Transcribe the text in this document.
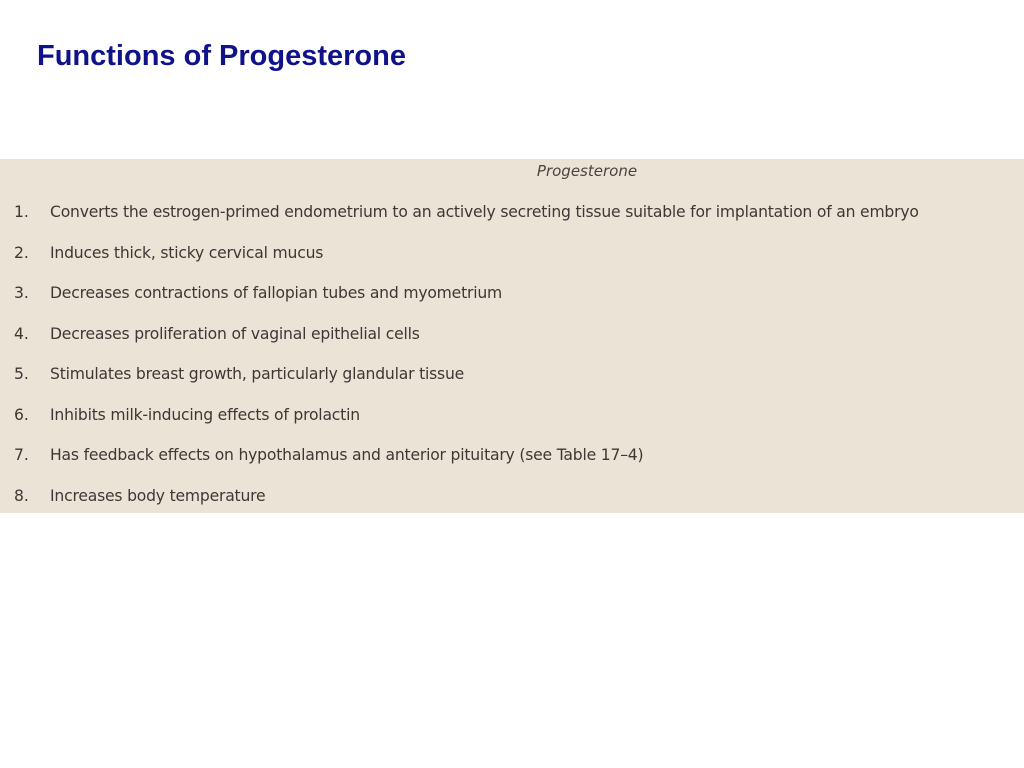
Functions of Progesterone
Progesterone
1. Converts the estrogen-primed endometrium to an actively secreting tissue suitable for implantation of an embryo
2. Induces thick, sticky cervical mucus
3. Decreases contractions of fallopian tubes and myometrium
4. Decreases proliferation of vaginal epithelial cells
5. Stimulates breast growth, particularly glandular tissue
6. Inhibits milk-inducing effects of prolactin
7. Has feedback effects on hypothalamus and anterior pituitary (see Table 17–4)
8. Increases body temperature
